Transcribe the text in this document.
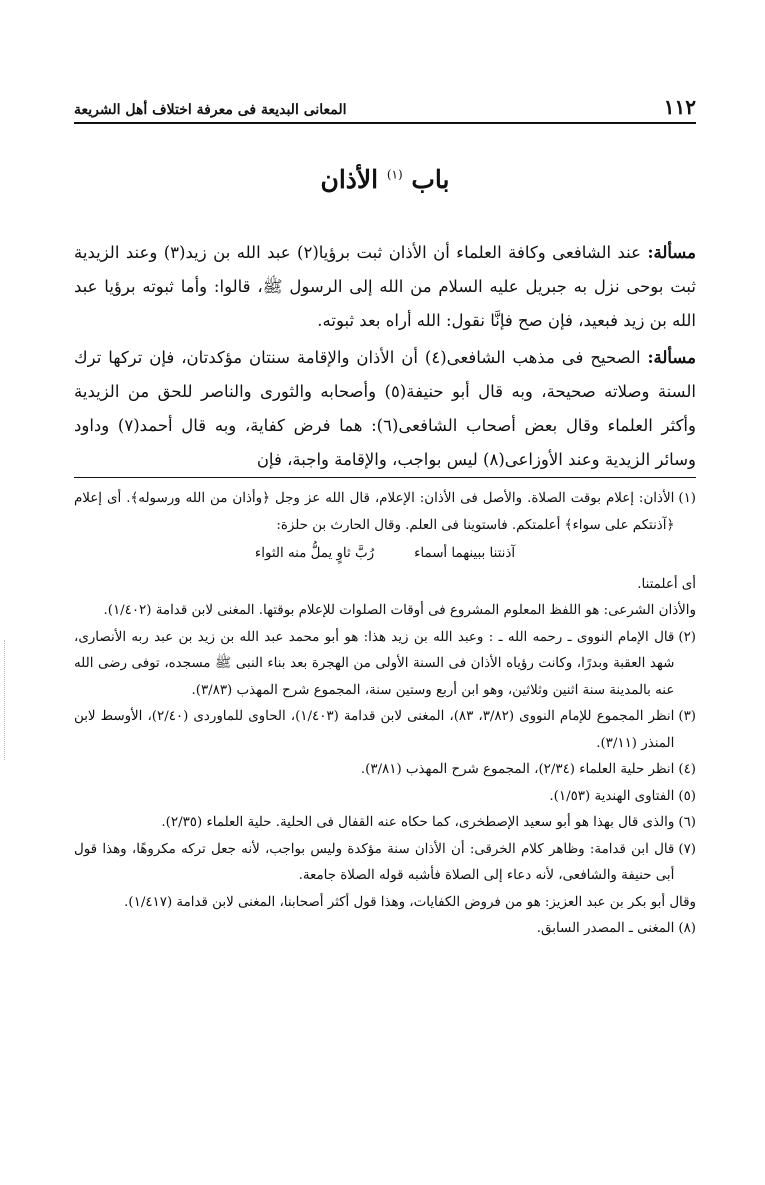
١١٢
المعانى البديعة فى معرفة اختلاف أهل الشريعة
باب $^{(١)}$ الأذان

مسألة: عند الشافعى وكافة العلماء أن الأذان ثبت برؤيا(٢) عبد الله بن زيد(٣) وعند الزيدية ثبت بوحى نزل به جبريل عليه السلام من الله إلى الرسول ﷺ، قالوا: وأما ثبوته برؤيا عبد الله بن زيد فبعيد، فإن صح فإنَّا نقول: الله أراه بعد ثبوته.

مسألة: الصحيح فى مذهب الشافعى(٤) أن الأذان والإقامة سنتان مؤكدتان، فإن تركها ترك السنة وصلاته صحيحة، وبه قال أبو حنيفة(٥) وأصحابه والثورى والناصر للحق من الزيدية وأكثر العلماء وقال بعض أصحاب الشافعى(٦): هما فرض كفاية، وبه قال أحمد(٧) وداود وسائر الزيدية وعند الأوزاعى(٨) ليس بواجب، والإقامة واجبة، فإن

(١)
الأذان: إعلام بوقت الصلاة. والأصل فى الأذان: الإعلام، قال الله عز وجل ﴿وأذان من الله ورسوله﴾. أى إعلام ﴿آذنتكم على سواء﴾ أعلمتكم. فاستوينا فى العلم. وقال الحارث بن حلزة:
آذنتنا ببينهما أسماء
رُبَّ ثاوٍ يملُّ منه الثواء

أى أعلمتنا.

والأذان الشرعى: هو اللفظ المعلوم المشروع فى أوقات الصلوات للإعلام بوقتها. المغنى لابن قدامة (١/٤٠٢).

(٢)
قال الإمام النووى ـ رحمه الله ـ : وعبد الله بن زيد هذا: هو أبو محمد عبد الله بن زيد بن عبد ربه الأنصارى، شهد العقبة وبدرًا، وكانت رؤياه الأذان فى السنة الأولى من الهجرة بعد بناء النبى ﷺ مسجده، توفى رضى الله عنه بالمدينة سنة اثنين وثلاثين، وهو ابن أربع وستين سنة، المجموع شرح المهذب (٣/٨٣).
(٣)
انظر المجموع للإمام النووى (٣/٨٢، ٨٣)، المغنى لابن قدامة (١/٤٠٣)، الحاوى للماوردى (٢/٤٠)، الأوسط لابن المنذر (٣/١١).
(٤)
انظر حلية العلماء (٢/٣٤)، المجموع شرح المهذب (٣/٨١).
(٥)
الفتاوى الهندية (١/٥٣).
(٦)
والذى قال بهذا هو أبو سعيد الإصطخرى، كما حكاه عنه القفال فى الحلية. حلية العلماء (٢/٣٥).
(٧)
قال ابن قدامة: وظاهر كلام الخرقى: أن الأذان سنة مؤكدة وليس بواجب، لأنه جعل تركه مكروهًا، وهذا قول أبى حنيفة والشافعى، لأنه دعاء إلى الصلاة فأشبه قوله الصلاة جامعة.

وقال أبو بكر بن عبد العزيز: هو من فروض الكفايات، وهذا قول أكثر أصحابنا، المغنى لابن قدامة (١/٤١٧).

(٨)
المغنى ـ المصدر السابق.
